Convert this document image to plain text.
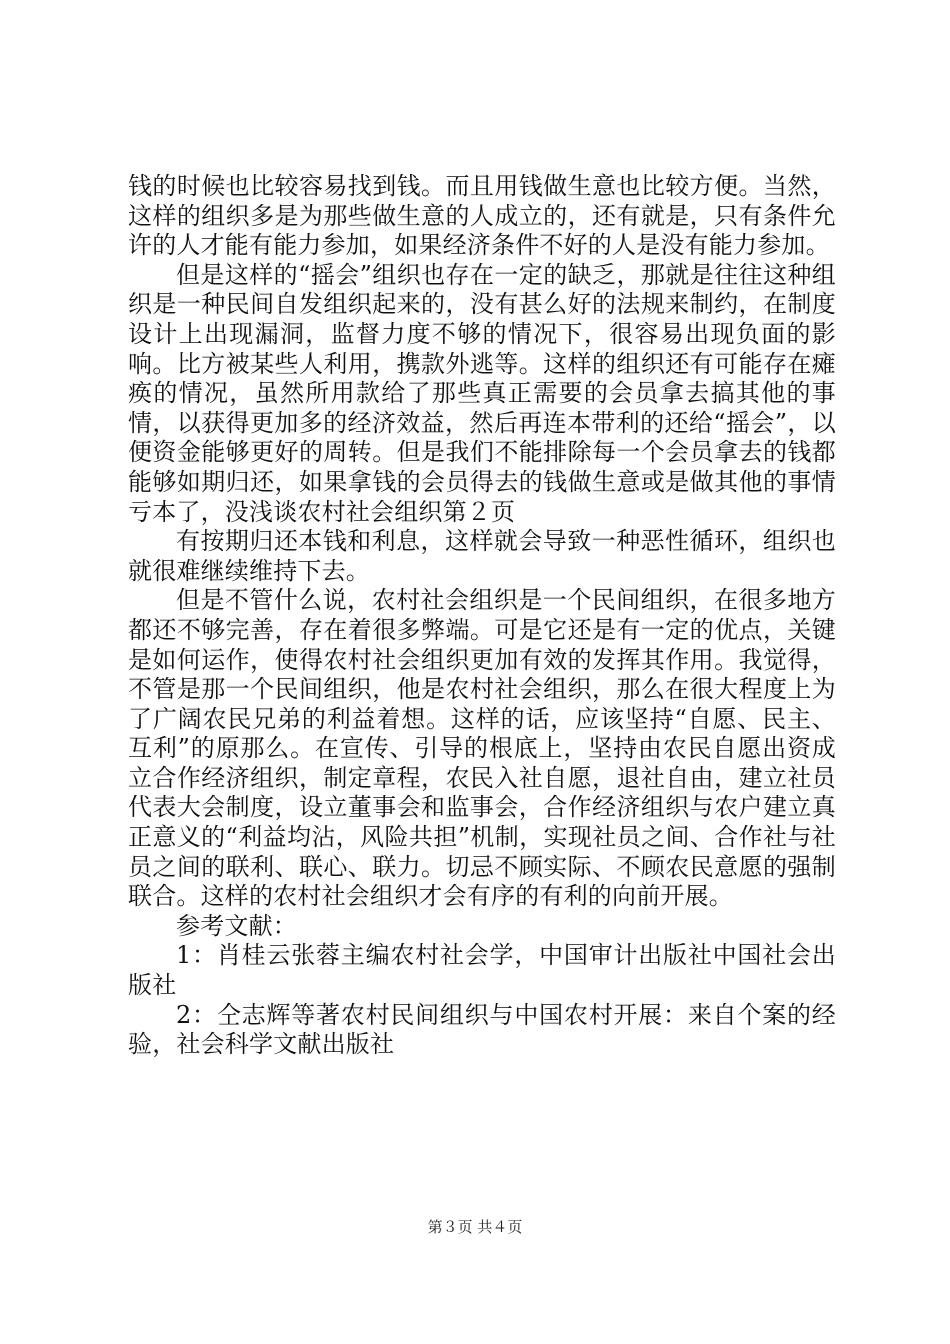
钱的时候也比较容易找到钱。而且用钱做生意也比较方便。当然，这样的组织多是为那些做生意的人成立的，还有就是，只有条件允许的人才能有能力参加，如果经济条件不好的人是没有能力参加。

但是这样的“摇会”组织也存在一定的缺乏，那就是往往这种组织是一种民间自发组织起来的，没有甚么好的法规来制约，在制度设计上出现漏洞，监督力度不够的情况下，很容易出现负面的影响。比方被某些人利用，携款外逃等。这样的组织还有可能存在瘫痪的情况，虽然所用款给了那些真正需要的会员拿去搞其他的事情，以获得更加多的经济效益，然后再连本带利的还给“摇会”，以便资金能够更好的周转。但是我们不能排除每一个会员拿去的钱都能够如期归还，如果拿钱的会员得去的钱做生意或是做其他的事情亏本了，没浅谈农村社会组织第２页

有按期归还本钱和利息，这样就会导致一种恶性循环，组织也就很难继续维持下去。

但是不管什么说，农村社会组织是一个民间组织，在很多地方都还不够完善，存在着很多弊端。可是它还是有一定的优点，关键是如何运作，使得农村社会组织更加有效的发挥其作用。我觉得，不管是那一个民间组织，他是农村社会组织，那么在很大程度上为了广阔农民兄弟的利益着想。这样的话，应该坚持“自愿、民主、互利”的原那么。在宣传、引导的根底上，坚持由农民自愿出资成立合作经济组织，制定章程，农民入社自愿，退社自由，建立社员代表大会制度，设立董事会和监事会，合作经济组织与农户建立真正意义的“利益均沾，风险共担”机制，实现社员之间、合作社与社员之间的联利、联心、联力。切忌不顾实际、不顾农民意愿的强制联合。这样的农村社会组织才会有序的有利的向前开展。

参考文献：

1：肖桂云张蓉主编农村社会学，中国审计出版社中国社会出版社

2：仝志辉等著农村民间组织与中国农村开展：来自个案的经验，社会科学文献出版社

第３页 共４页
